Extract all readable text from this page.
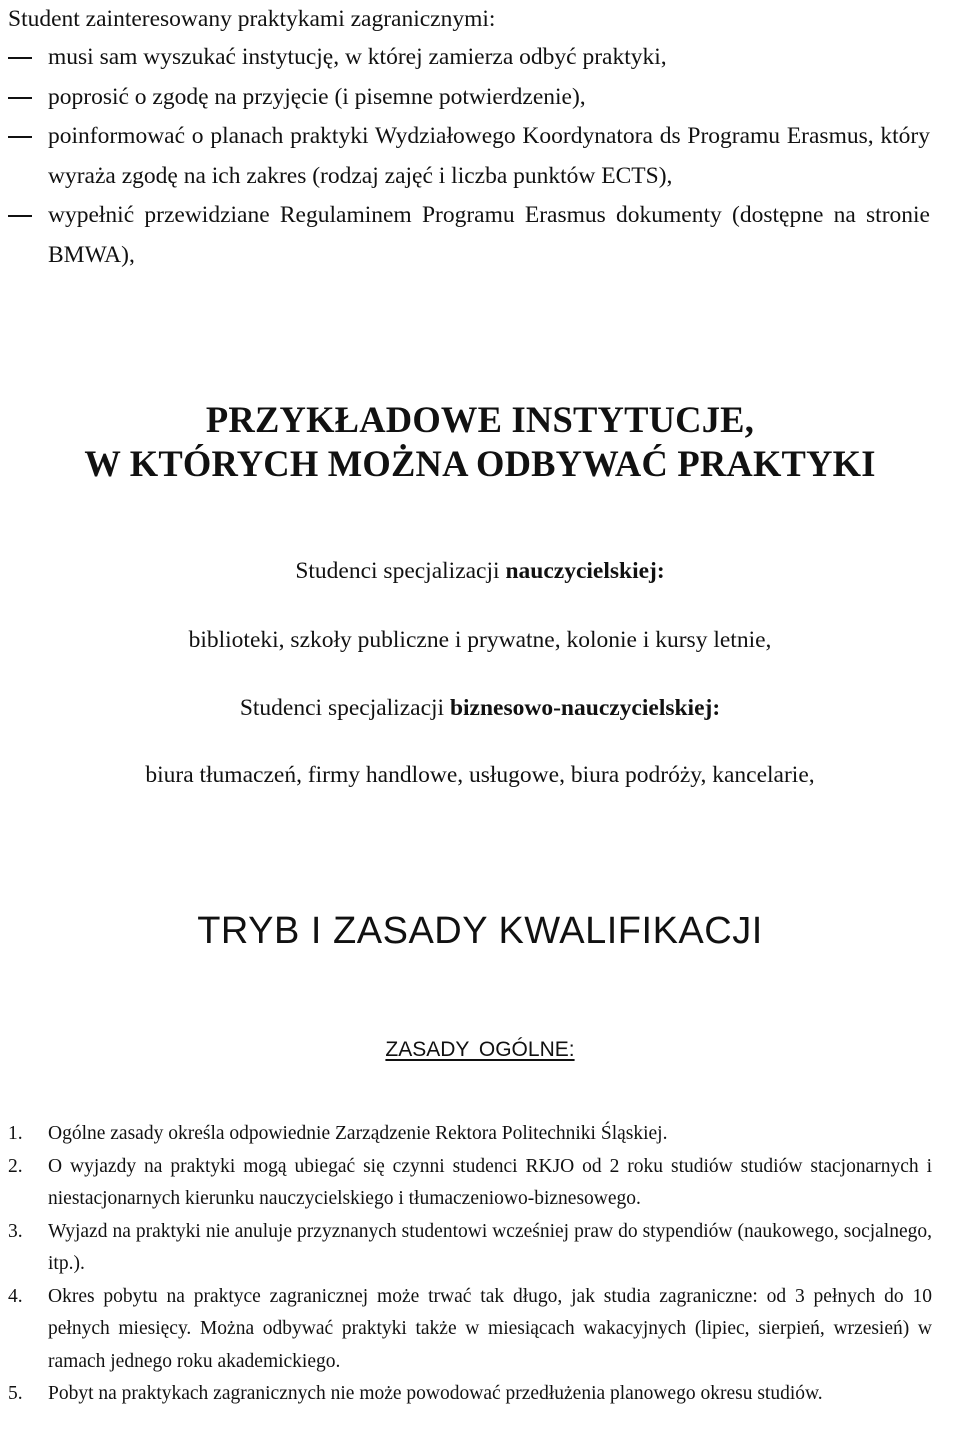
Student zainteresowany praktykami zagranicznymi:
musi sam wyszukać instytucję, w której zamierza odbyć praktyki,
poprosić o zgodę na przyjęcie (i pisemne potwierdzenie),
poinformować o planach praktyki Wydziałowego Koordynatora ds Programu Erasmus, który wyraża zgodę na ich zakres (rodzaj zajęć i liczba punktów ECTS),
wypełnić przewidziane Regulaminem Programu Erasmus dokumenty (dostępne na stronie BMWA),
PRZYKŁADOWE INSTYTUCJE,
W KTÓRYCH MOŻNA ODBYWAĆ PRAKTYKI
Studenci specjalizacji nauczycielskiej:
biblioteki, szkoły publiczne i prywatne, kolonie i kursy letnie,
Studenci specjalizacji biznesowo-nauczycielskiej:
biura tłumaczeń, firmy handlowe, usługowe, biura podróży, kancelarie,
TRYB I ZASADY KWALIFIKACJI
ZASADY OGÓLNE:
1. Ogólne zasady określa odpowiednie Zarządzenie Rektora Politechniki Śląskiej.
2. O wyjazdy na praktyki mogą ubiegać się czynni studenci RKJO od 2 roku studiów studiów stacjonarnych i niestacjonarnych kierunku nauczycielskiego i tłumaczeniowo-biznesowego.
3. Wyjazd na praktyki nie anuluje przyznanych studentowi wcześniej praw do stypendiów (naukowego, socjalnego, itp.).
4. Okres pobytu na praktyce zagranicznej może trwać tak długo, jak studia zagraniczne: od 3 pełnych do 10 pełnych miesięcy. Można odbywać praktyki także w miesiącach wakacyjnych (lipiec, sierpień, wrzesień) w ramach jednego roku akademickiego.
5. Pobyt na praktykach zagranicznych nie może powodować przedłużenia planowego okresu studiów.
